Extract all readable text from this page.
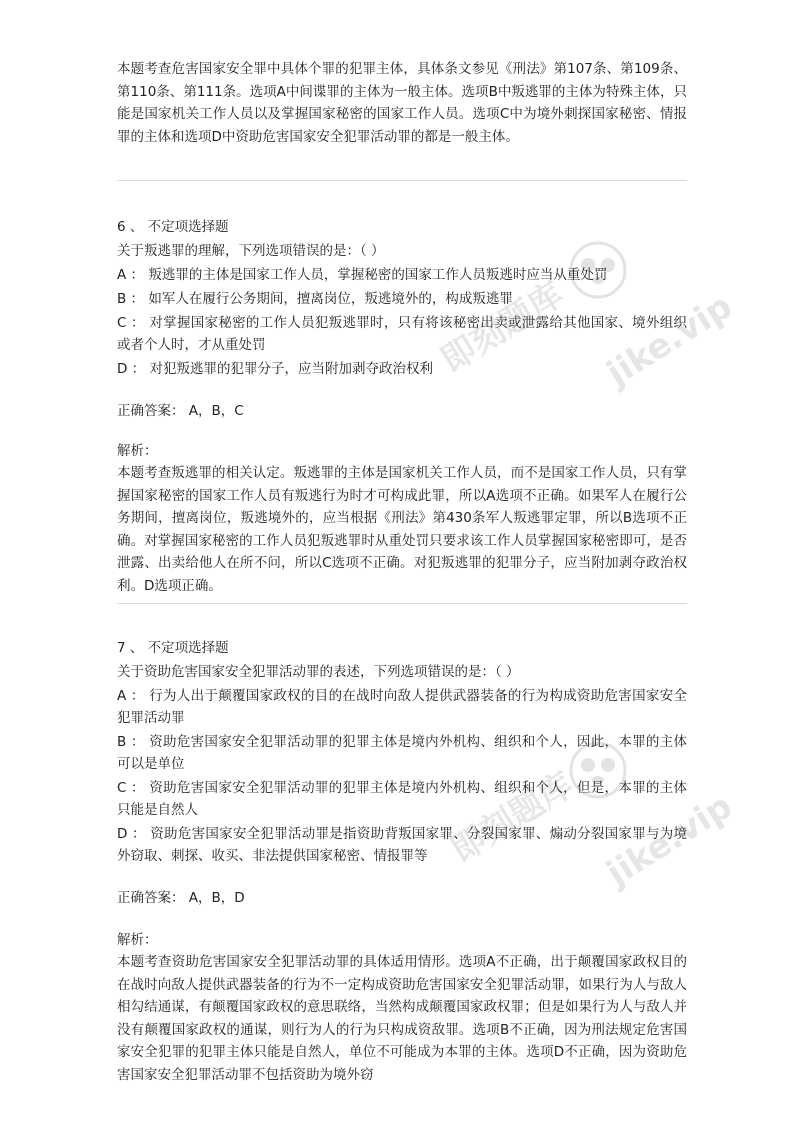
本题考查危害国家安全罪中具体个罪的犯罪主体，具体条文参见《刑法》第107条、第109条、第110条、第111条。选项A中间谍罪的主体为一般主体。选项B中叛逃罪的主体为特殊主体，只能是国家机关工作人员以及掌握国家秘密的国家工作人员。选项C中为境外刺探国家秘密、情报罪的主体和选项D中资助危害国家安全犯罪活动罪的都是一般主体。

6 、 不定项选择题

关于叛逃罪的理解，下列选项错误的是：（ ）

A ： 叛逃罪的主体是国家工作人员，掌握秘密的国家工作人员叛逃时应当从重处罚

B ： 如军人在履行公务期间，擅离岗位，叛逃境外的，构成叛逃罪

C ： 对掌握国家秘密的工作人员犯叛逃罪时，只有将该秘密出卖或泄露给其他国家、境外组织或者个人时，才从重处罚

D ： 对犯叛逃罪的犯罪分子，应当附加剥夺政治权利

正确答案： A，B，C

解析：

本题考查叛逃罪的相关认定。叛逃罪的主体是国家机关工作人员，而不是国家工作人员，只有掌握国家秘密的国家工作人员有叛逃行为时才可构成此罪，所以A选项不正确。如果军人在履行公务期间，擅离岗位，叛逃境外的，应当根据《刑法》第430条军人叛逃罪定罪，所以B选项不正确。对掌握国家秘密的工作人员犯叛逃罪时从重处罚只要求该工作人员掌握国家秘密即可，是否泄露、出卖给他人在所不问，所以C选项不正确。对犯叛逃罪的犯罪分子，应当附加剥夺政治权利。D选项正确。

7 、 不定项选择题

关于资助危害国家安全犯罪活动罪的表述，下列选项错误的是：（ ）

A ： 行为人出于颠覆国家政权的目的在战时向敌人提供武器装备的行为构成资助危害国家安全犯罪活动罪

B ： 资助危害国家安全犯罪活动罪的犯罪主体是境内外机构、组织和个人，因此，本罪的主体可以是单位

C ： 资助危害国家安全犯罪活动罪的犯罪主体是境内外机构、组织和个人，但是，本罪的主体只能是自然人

D ： 资助危害国家安全犯罪活动罪是指资助背叛国家罪、分裂国家罪、煽动分裂国家罪与为境外窃取、刺探、收买、非法提供国家秘密、情报罪等

正确答案： A，B，D

解析：

本题考查资助危害国家安全犯罪活动罪的具体适用情形。选项A不正确，出于颠覆国家政权目的在战时向敌人提供武器装备的行为不一定构成资助危害国家安全犯罪活动罪，如果行为人与敌人相勾结通谋，有颠覆国家政权的意思联络，当然构成颠覆国家政权罪；但是如果行为人与敌人并没有颠覆国家政权的通谋，则行为人的行为只构成资敌罪。选项B不正确，因为刑法规定危害国家安全犯罪的犯罪主体只能是自然人，单位不可能成为本罪的主体。选项D不正确，因为资助危害国家安全犯罪活动罪不包括资助为境外窃

即刻题库 jike.vip
即刻题库 jike.vip
